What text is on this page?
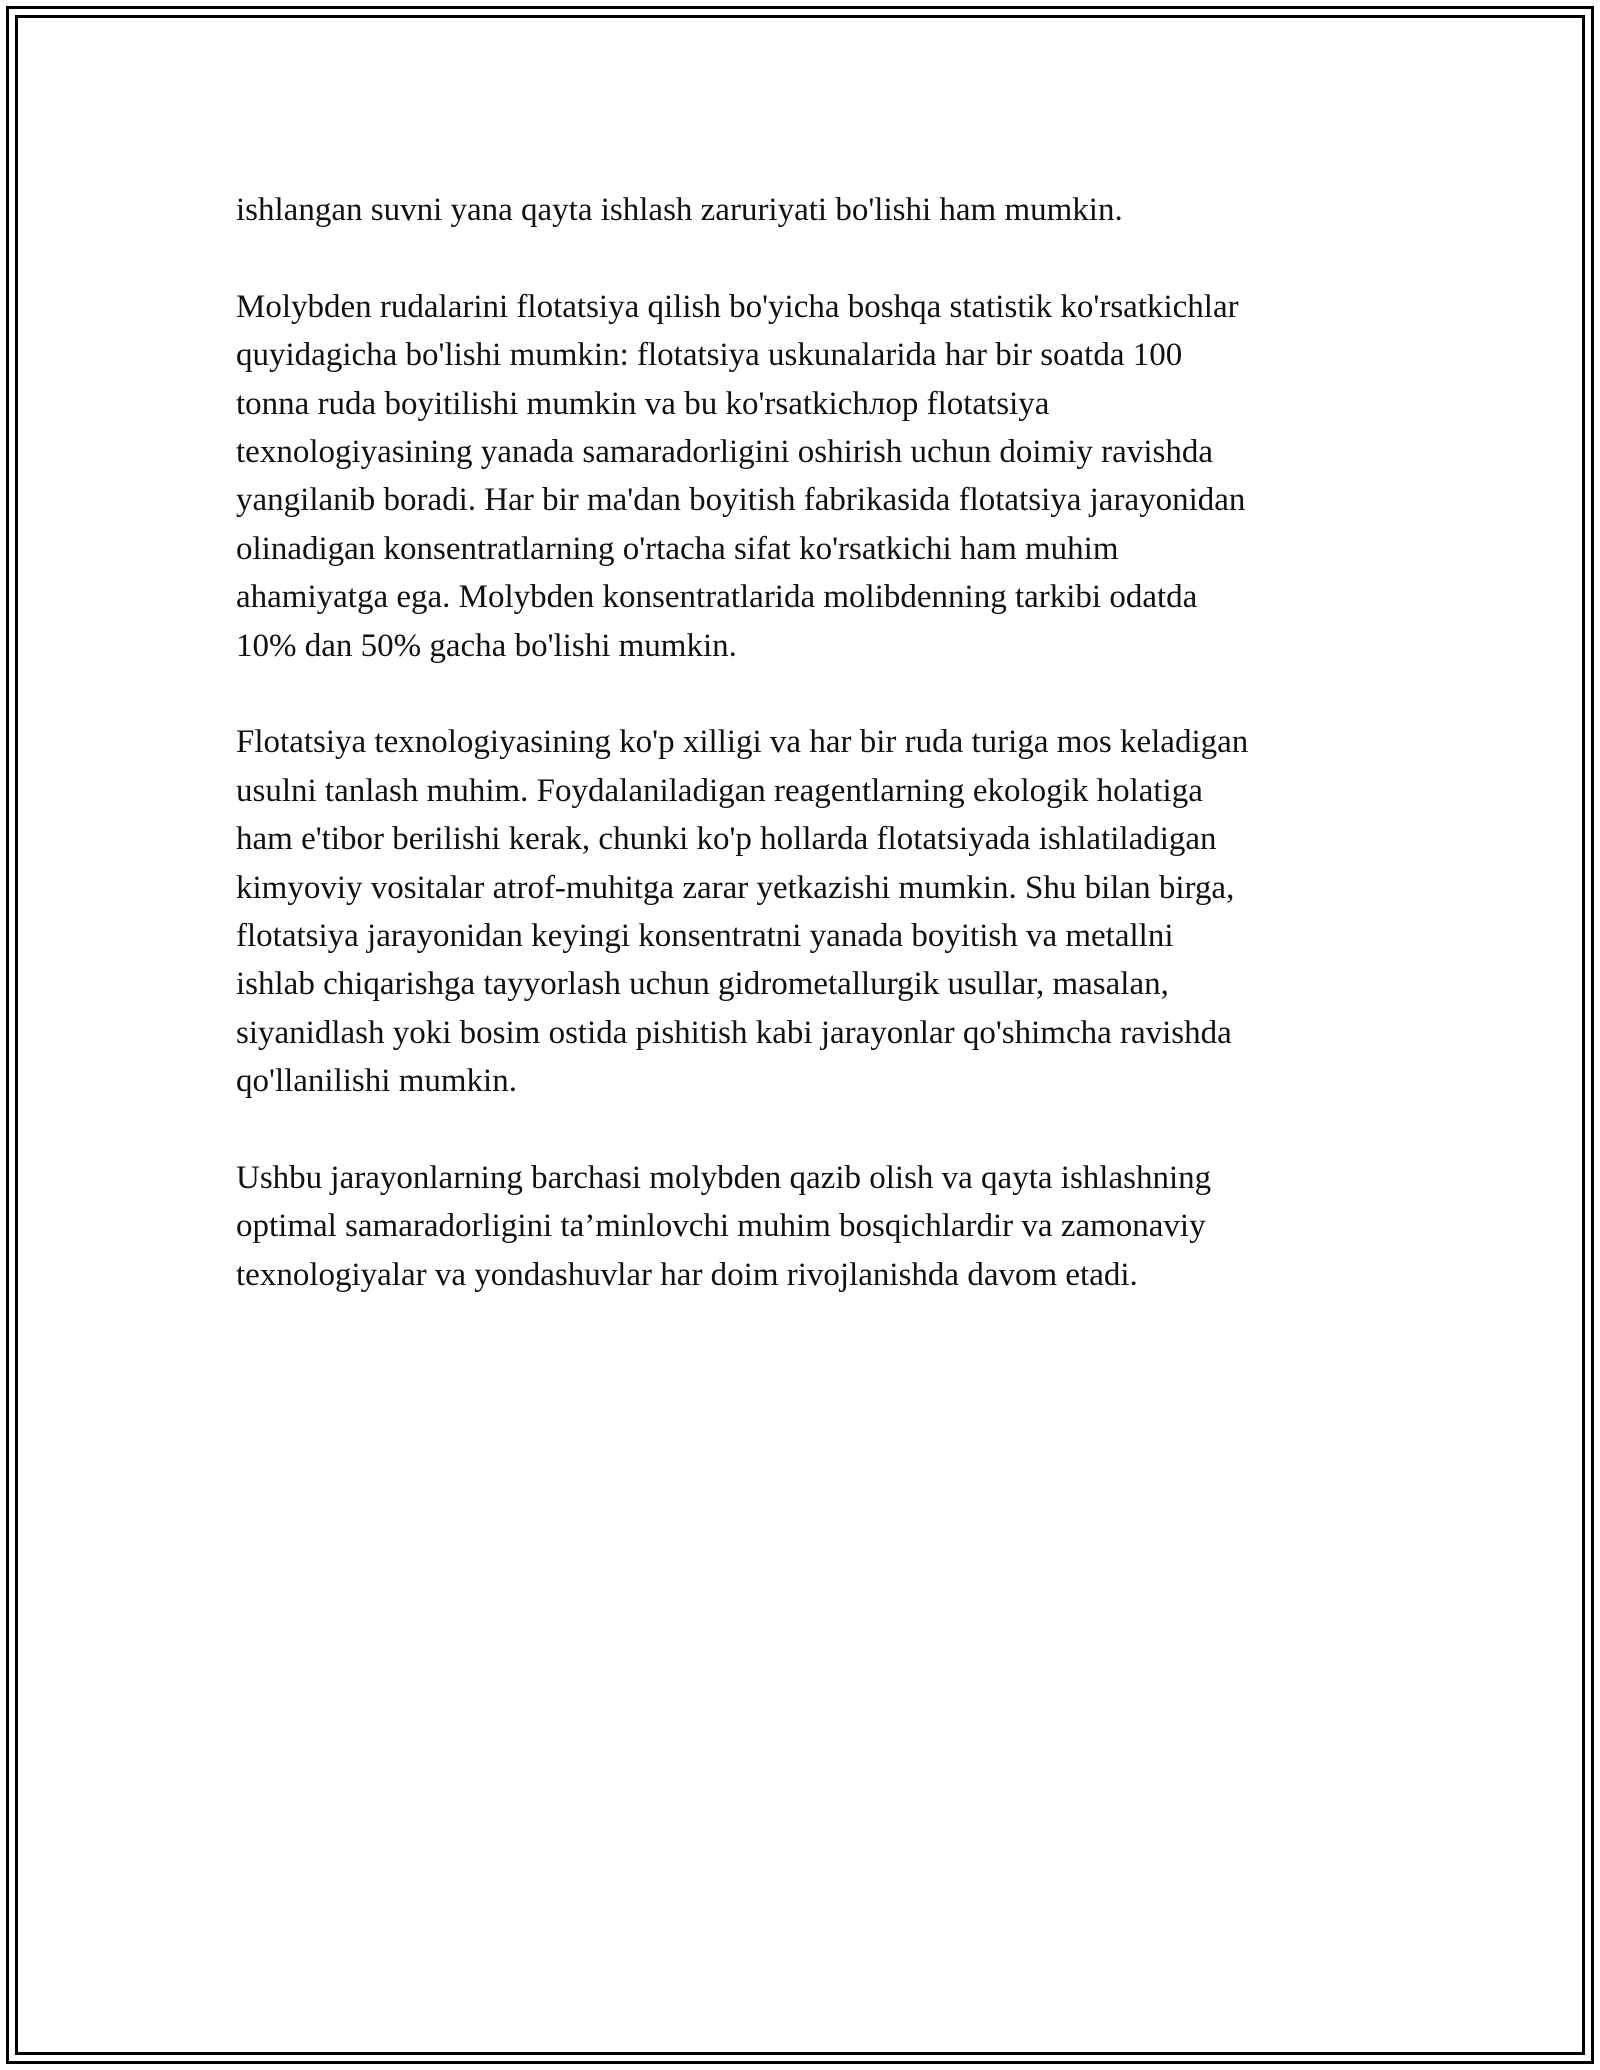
ishlangan suvni yana qayta ishlash zaruriyati bo'lishi ham mumkin.

Molybden rudalarini flotatsiya qilish bo'yicha boshqa statistik ko'rsatkichlar
quyidagicha bo'lishi mumkin: flotatsiya uskunalarida har bir soatda 100
tonna ruda boyitilishi mumkin va bu ko'rsatkichлор flotatsiya
texnologiyasining yanada samaradorligini oshirish uchun doimiy ravishda
yangilanib boradi. Har bir ma'dan boyitish fabrikasida flotatsiya jarayonidan
olinadigan konsentratlarning o'rtacha sifat ko'rsatkichi ham muhim
ahamiyatga ega. Molybden konsentratlarida molibdenning tarkibi odatda
10% dan 50% gacha bo'lishi mumkin.

Flotatsiya texnologiyasining ko'p xilligi va har bir ruda turiga mos keladigan
usulni tanlash muhim. Foydalaniladigan reagentlarning ekologik holatiga
ham e'tibor berilishi kerak, chunki ko'p hollarda flotatsiyada ishlatiladigan
kimyoviy vositalar atrof-muhitga zarar yetkazishi mumkin. Shu bilan birga,
flotatsiya jarayonidan keyingi konsentratni yanada boyitish va metallni
ishlab chiqarishga tayyorlash uchun gidrometallurgik usullar, masalan,
siyanidlash yoki bosim ostida pishitish kabi jarayonlar qo'shimcha ravishda
qo'llanilishi mumkin.

Ushbu jarayonlarning barchasi molybden qazib olish va qayta ishlashning
optimal samaradorligini ta’minlovchi muhim bosqichlardir va zamonaviy
texnologiyalar va yondashuvlar har doim rivojlanishda davom etadi.
